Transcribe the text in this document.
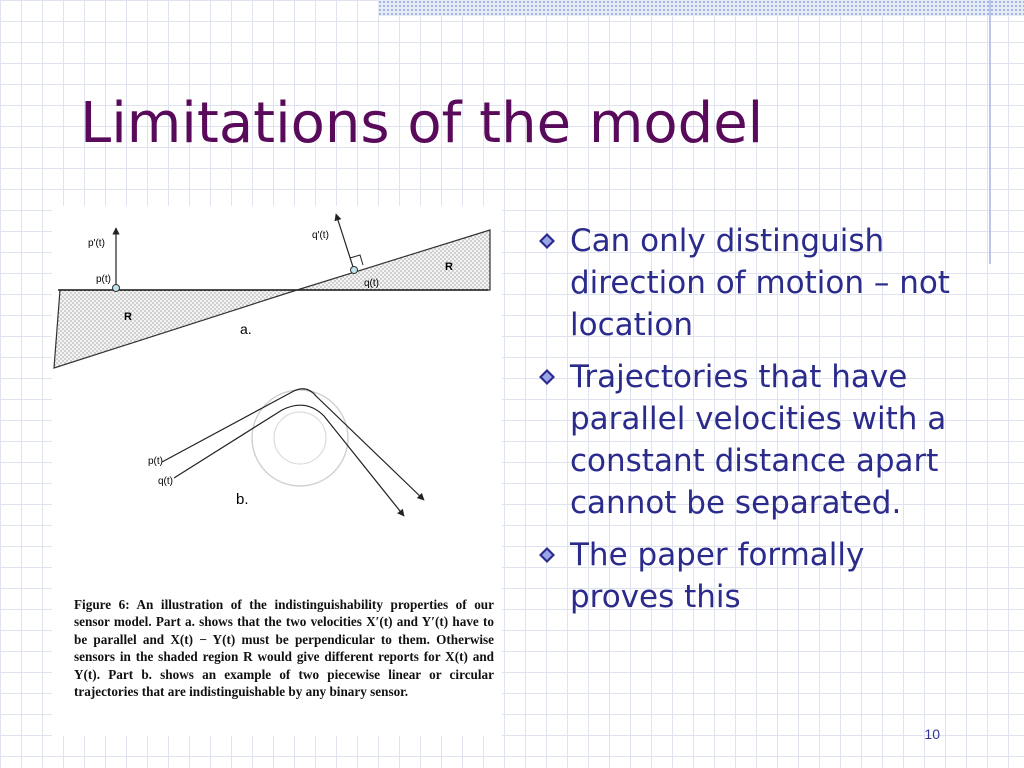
Limitations of the model
p'(t)
p(t)
R
a.
q'(t)
q(t)
R
p(t)
q(t)
b.

Figure 6: An illustration of the indistinguishability properties of our sensor model. Part a. shows that the two velocities X′(t) and Y′(t) have to be parallel and X(t) − Y(t) must be perpendicular to them. Otherwise sensors in the shaded region R would give different reports for X(t) and Y(t). Part b. shows an example of two piecewise linear or circular trajectories that are indistinguishable by any binary sensor.

Can only distinguish direction of motion – not location
Trajectories that have parallel velocities with a constant distance apart cannot be separated.
The paper formally proves this
10
